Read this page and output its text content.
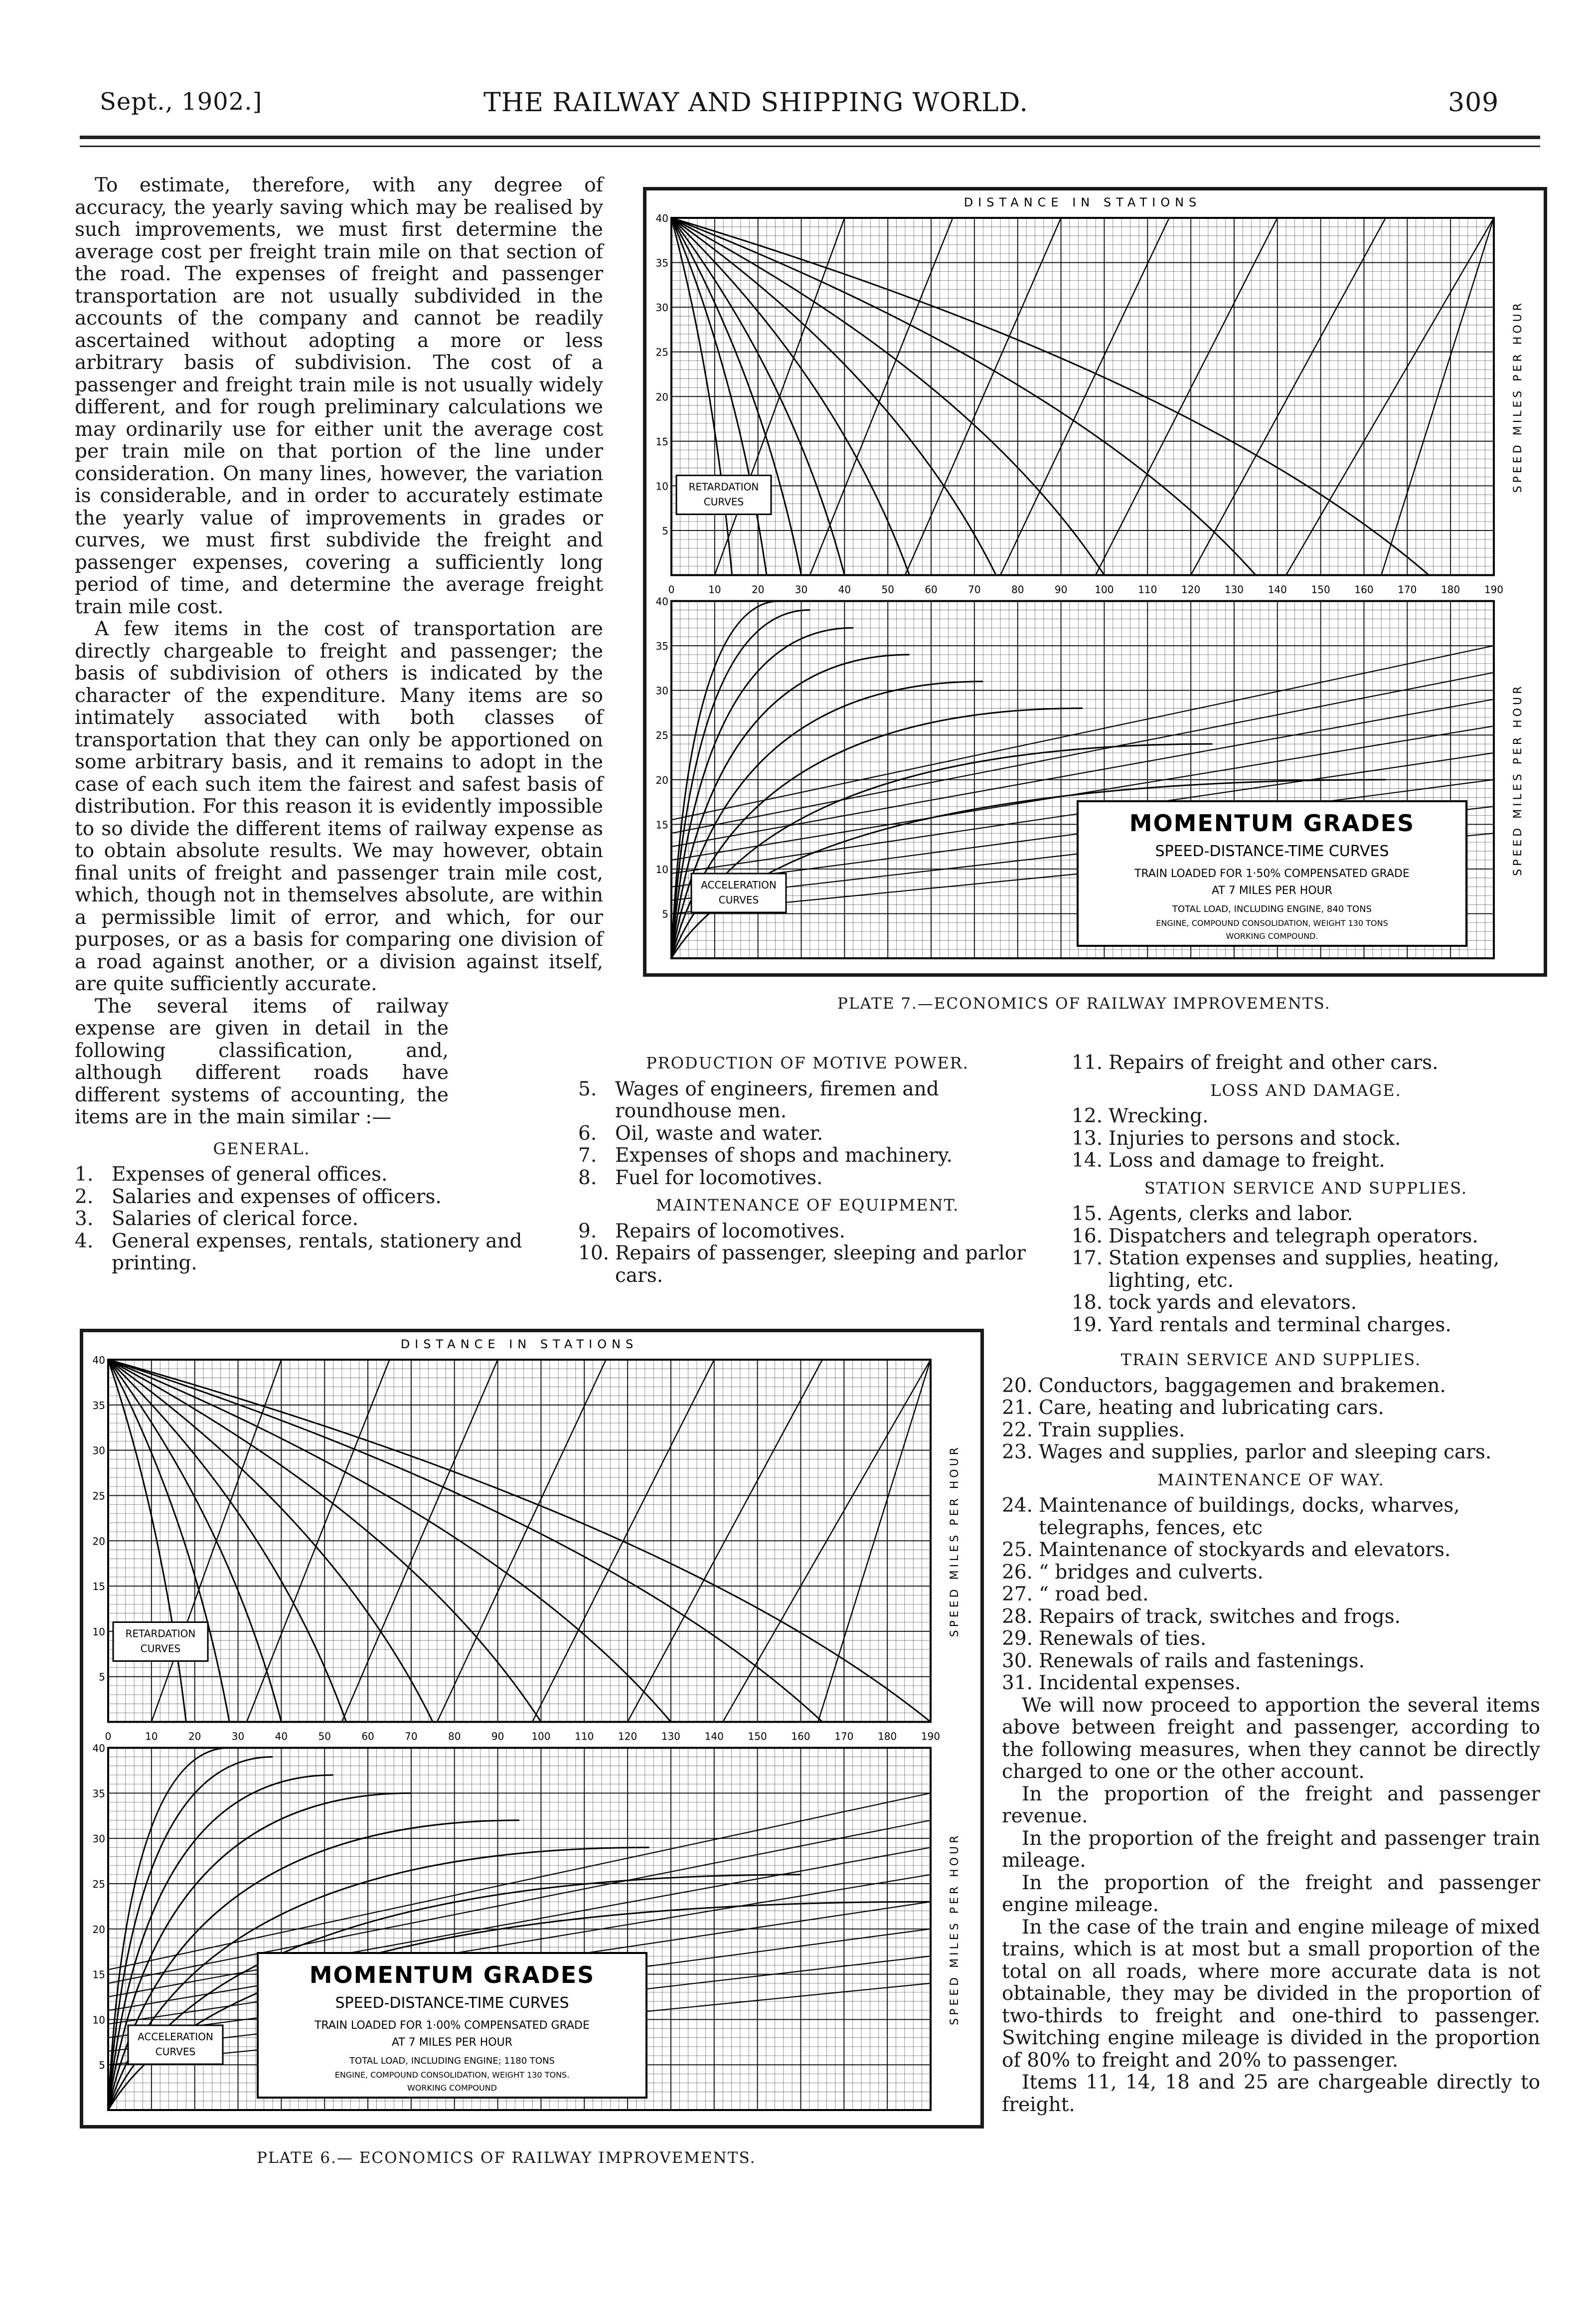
Sept., 1902.]	THE RAILWAY AND SHIPPING WORLD.	309

To estimate, therefore, with any degree of accuracy, the yearly saving which may be realised by such improvements, we must first determine the average cost per freight train mile on that section of the road. The expenses of freight and passenger transportation are not usually subdivided in the accounts of the company and cannot be readily ascertained without adopting a more or less arbitrary basis of subdivision. The cost of a passenger and freight train mile is not usually widely different, and for rough preliminary calculations we may ordinarily use for either unit the average cost per train mile on that portion of the line under consideration. On many lines, however, the variation is considerable, and in order to accurately estimate the yearly value of improvements in grades or curves, we must first subdivide the freight and passenger expenses, covering a sufficiently long period of time, and determine the average freight train mile cost.

A few items in the cost of transportation are directly chargeable to freight and passenger; the basis of subdivision of others is indicated by the character of the expenditure. Many items are so intimately associated with both classes of transportation that they can only be apportioned on some arbitrary basis, and it remains to adopt in the case of each such item the fairest and safest basis of distribution. For this reason it is evidently impossible to so divide the different items of railway expense as to obtain absolute results. We may however, obtain final units of freight and passenger train mile cost, which, though not in themselves absolute, are within a permissible limit of error, and which, for our purposes, or as a basis for comparing one division of a road against another, or a division against itself, are quite sufficiently accurate.

The several items of railway expense are given in detail in the following classification, and, although different roads have different systems of accounting, the items are in the main similar :—

GENERAL.
1. Expenses of general offices.
2. Salaries and expenses of officers.
3. Salaries of clerical force.
4. General expenses, rentals, stationery and printing.
PRODUCTION OF MOTIVE POWER.
5. Wages of engineers, firemen and roundhouse men.
6. Oil, waste and water.
7. Expenses of shops and machinery.
8. Fuel for locomotives.
MAINTENANCE OF EQUIPMENT.
9. Repairs of locomotives.
10. Repairs of passenger, sleeping and parlor cars.
11. Repairs of freight and other cars.
LOSS AND DAMAGE.
12. Wrecking.
13. Injuries to persons and stock.
14. Loss and damage to freight.
STATION SERVICE AND SUPPLIES.
15. Agents, clerks and labor.
16. Dispatchers and telegraph operators.
17. Station expenses and supplies, heating, lighting, etc.
18. tock yards and elevators.
19. Yard rentals and terminal charges.
TRAIN SERVICE AND SUPPLIES.
20. Conductors, baggagemen and brakemen.
21. Care, heating and lubricating cars.
22. Train supplies.
23. Wages and supplies, parlor and sleeping cars.
MAINTENANCE OF WAY.
24. Maintenance of buildings, docks, wharves, telegraphs, fences, etc
25. Maintenance of stockyards and elevators.
26. “ bridges and culverts.
27. “ road bed.
28. Repairs of track, switches and frogs.
29. Renewals of ties.
30. Renewals of rails and fastenings.
31. Incidental expenses.

We will now proceed to apportion the several items above between freight and passenger, according to the following measures, when they cannot be directly charged to one or the other account.

In the proportion of the freight and passenger revenue.

In the proportion of the freight and passenger train mileage.

In the proportion of the freight and passenger engine mileage.

In the case of the train and engine mileage of mixed trains, which is at most but a small proportion of the total on all roads, where more accurate data is not obtainable, they may be divided in the proportion of two-thirds to freight and one-third to passenger. Switching engine mileage is divided in the proportion of 80% to freight and 20% to passenger.

Items 11, 14, 18 and 25 are chargeable directly to freight.

DISTANCE IN STATIONS
5
10
15
20
25
30
35
40
SPEED MILES PER HOUR
5
10
15
20
25
30
35
40
SPEED MILES PER HOUR
0	10	20	30	40	50	60	70	80	90	100 110 120 130 140 150 160 170 180 190
RETARDATION
CURVES
ACCELERATION
CURVES
MOMENTUM GRADES
SPEED-DISTANCE-TIME CURVES
TRAIN LOADED FOR 1·50% COMPENSATED GRADE
AT 7 MILES PER HOUR
TOTAL LOAD, INCLUDING ENGINE, 840 TONS
ENGINE, COMPOUND CONSOLIDATION, WEIGHT 130 TONS
WORKING COMPOUND.
PLATE 7.—ECONOMICS OF RAILWAY IMPROVEMENTS.
DISTANCE IN STATIONS
5
10
15
20
25
30
35
40
SPEED MILES PER HOUR
5
10
15
20
25
30
35
40
SPEED MILES PER HOUR
0	10	20	30	40	50	60	70	80	90	100 110 120 130 140 150 160 170 180 190
RETARDATION
CURVES
ACCELERATION
CURVES
MOMENTUM GRADES
SPEED-DISTANCE-TIME CURVES
TRAIN LOADED FOR 1·00% COMPENSATED GRADE
AT 7 MILES PER HOUR
TOTAL LOAD, INCLUDING ENGINE; 1180 TONS
ENGINE, COMPOUND CONSOLIDATION, WEIGHT 130 TONS.
WORKING COMPOUND
PLATE 6.— ECONOMICS OF RAILWAY IMPROVEMENTS.
